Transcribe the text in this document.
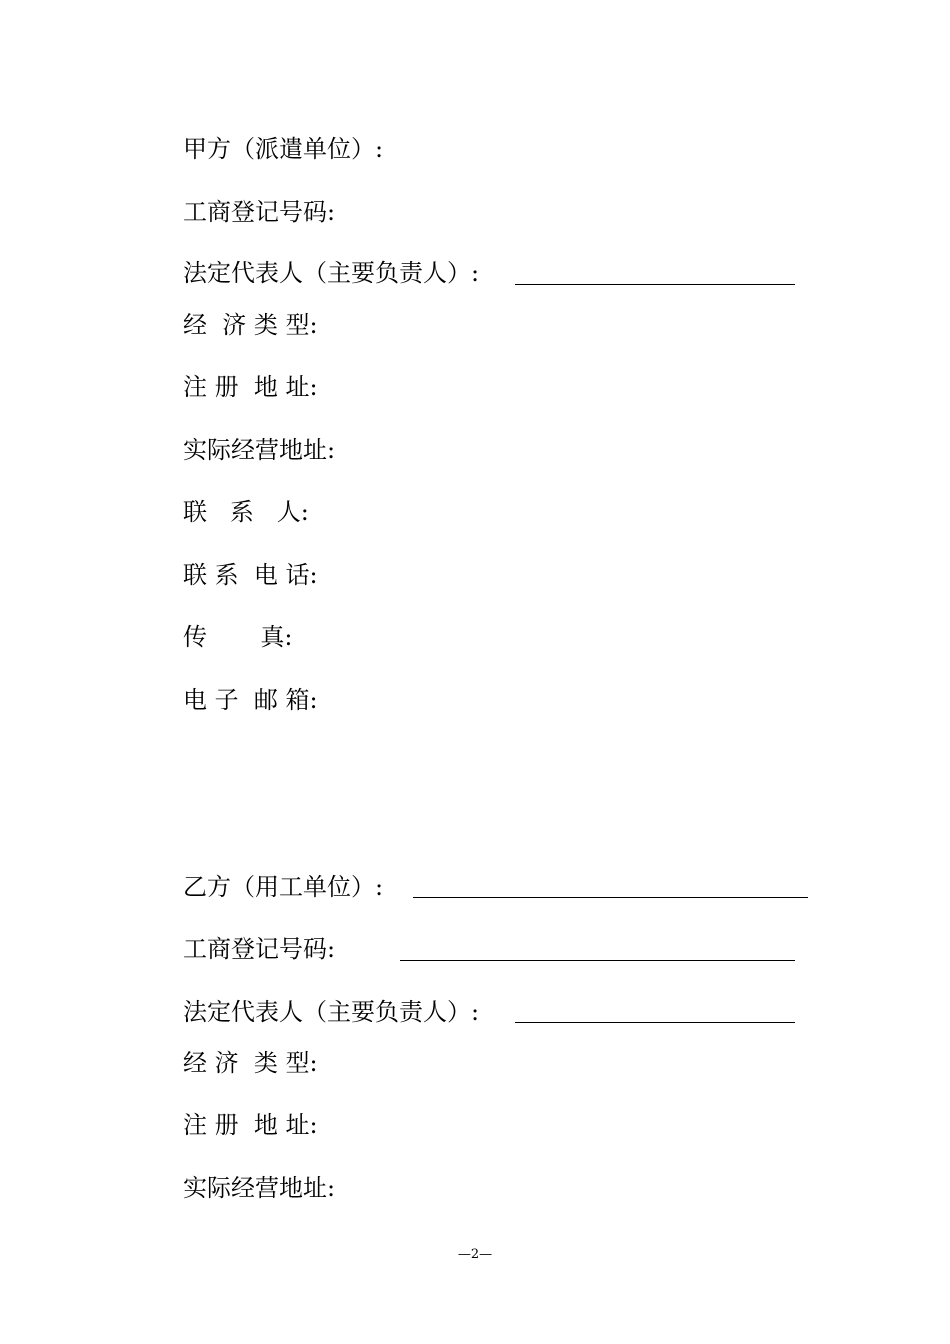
甲方（派遣单位）:
工商登记号码:
法定代表人（主要负责人）:
经  济 类 型:
注 册  地 址:
实际经营地址:
联   系   人:
联 系  电 话:
传       真:
电 子  邮 箱:
乙方（用工单位）:
工商登记号码:
法定代表人（主要负责人）:
经 济  类 型:
注 册  地 址:
实际经营地址:
—2—
